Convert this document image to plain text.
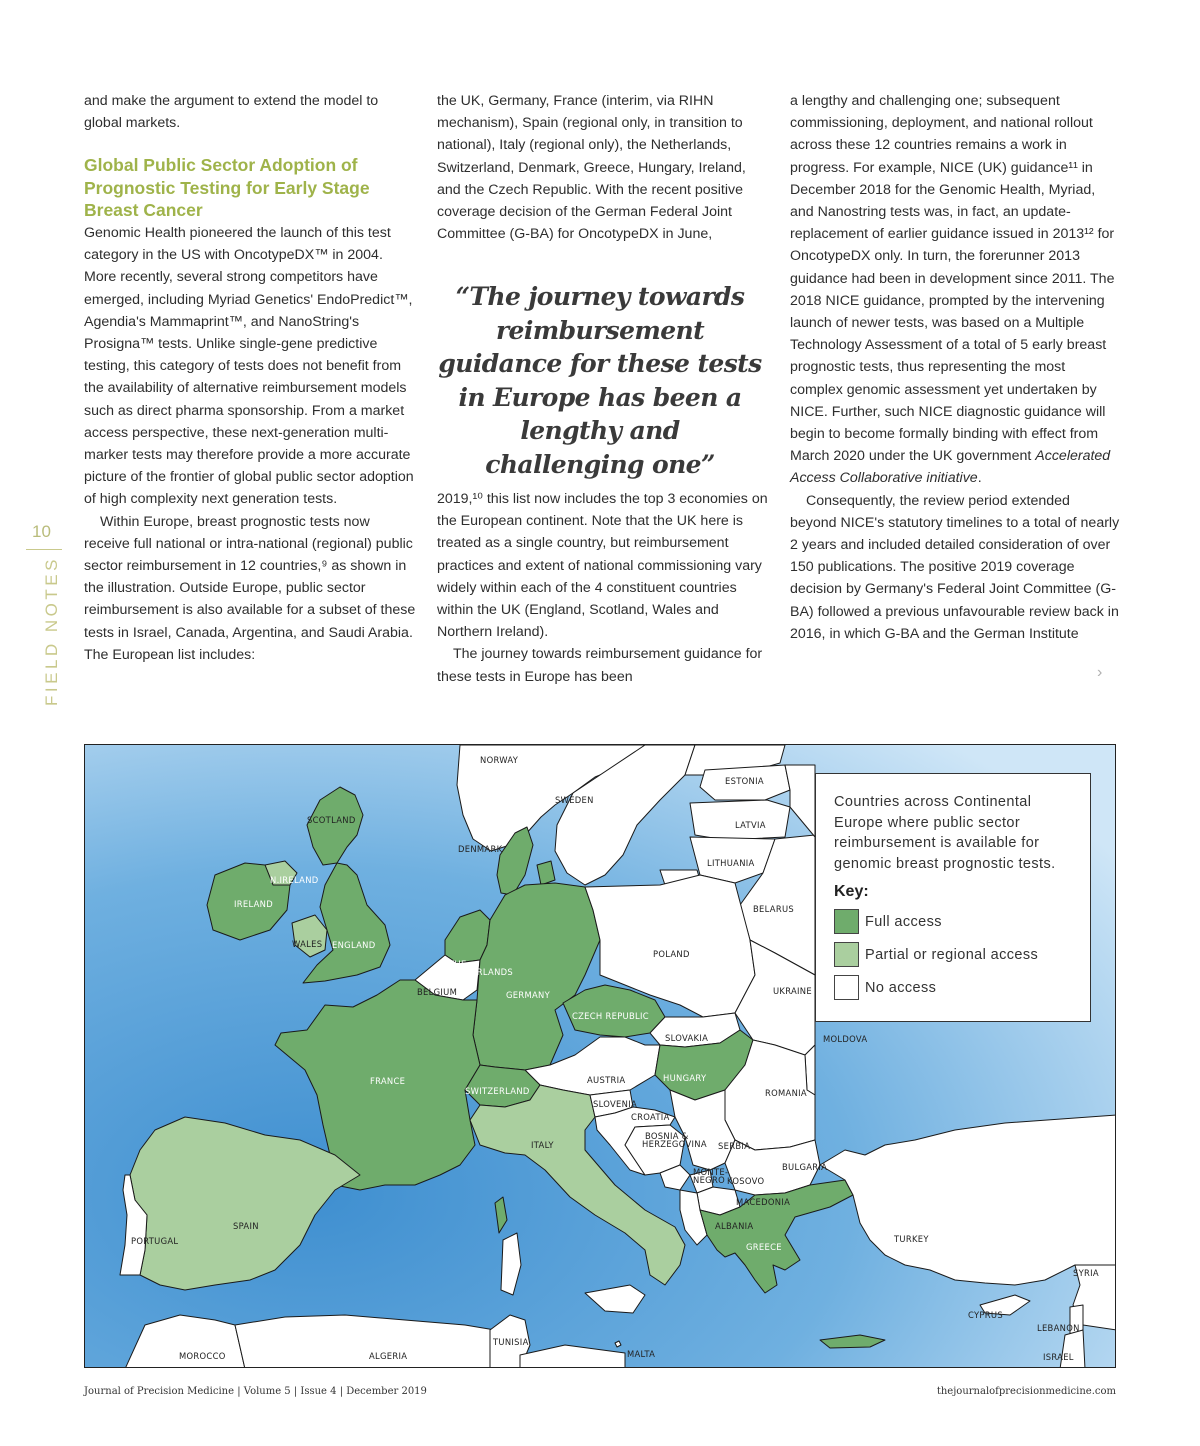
and make the argument to extend the model to global markets.

Global Public Sector Adoption of Prognostic Testing for Early Stage Breast Cancer

Genomic Health pioneered the launch of this test category in the US with OncotypeDX™ in 2004. More recently, several strong competitors have emerged, including Myriad Genetics' EndoPredict™, Agendia's Mammaprint™, and NanoString's Prosigna™ tests. Unlike single-gene predictive testing, this category of tests does not benefit from the availability of alternative reimbursement models such as direct pharma sponsorship. From a market access perspective, these next-generation multi-marker tests may therefore provide a more accurate picture of the frontier of global public sector adoption of high complexity next generation tests.

Within Europe, breast prognostic tests now receive full national or intra-national (regional) public sector reimbursement in 12 countries,⁹ as shown in the illustration. Outside Europe, public sector reimbursement is also available for a subset of these tests in Israel, Canada, Argentina, and Saudi Arabia. The European list includes:

the UK, Germany, France (interim, via RIHN mechanism), Spain (regional only, in transition to national), Italy (regional only), the Netherlands, Switzerland, Denmark, Greece, Hungary, Ireland, and the Czech Republic. With the recent positive coverage decision of the German Federal Joint Committee (G-BA) for OncotypeDX in June,

“The journey towards reimbursement guidance for these tests in Europe has been a lengthy and challenging one”

2019,¹⁰ this list now includes the top 3 economies on the European continent. Note that the UK here is treated as a single country, but reimbursement practices and extent of national commissioning vary widely within each of the 4 constituent countries within the UK (England, Scotland, Wales and Northern Ireland).

The journey towards reimbursement guidance for these tests in Europe has been

a lengthy and challenging one; subsequent commissioning, deployment, and national rollout across these 12 countries remains a work in progress. For example, NICE (UK) guidance¹¹ in December 2018 for the Genomic Health, Myriad, and Nanostring tests was, in fact, an update-replacement of earlier guidance issued in 2013¹² for OncotypeDX only. In turn, the forerunner 2013 guidance had been in development since 2011. The 2018 NICE guidance, prompted by the intervening launch of newer tests, was based on a Multiple Technology Assessment of a total of 5 early breast prognostic tests, thus representing the most complex genomic assessment yet undertaken by NICE. Further, such NICE diagnostic guidance will begin to become formally binding with effect from March 2020 under the UK government Accelerated Access Collaborative initiative.

Consequently, the review period extended beyond NICE's statutory timelines to a total of nearly 2 years and included detailed consideration of over 150 publications. The positive 2019 coverage decision by Germany's Federal Joint Committee (G-BA) followed a previous unfavourable review back in 2016, in which G-BA and the German Institute

›
10
FIELD NOTES
NORWAY
SWEDEN
ESTONIA
LATVIA
LITHUANIA
BELARUS
DENMARK
SCOTLAND
N.IRELAND
IRELAND
WALES ENGLAND
THE
NETHERLANDS
BELGIUM	GERMANY
POLAND
UKRAINE
CZECH REPUBLIC
SLOVAKIA	MOLDOVA
FRANCE
SWITZERLAND
AUSTRIA	HUNGARY
ROMANIA
SLOVENIA
CROATIA
BOSNIA &
HERZEGOVINA SERBIA
ITALY
MONTE-
NEGRO KOSOVO
BULGARIA
MACEDONIA
ALBANIA
GREECE
TURKEY
SPAIN
PORTUGAL
SYRIA
CYPRUS
LEBANON
ISRAEL
MOROCCO	ALGERIA
TUNISIA
MALTA
Countries across Continental Europe where public sector reimbursement is available for genomic breast prognostic tests.
Key:
Full access
Partial or regional access
No access
Journal of Precision Medicine | Volume 5 | Issue 4 | December 2019	thejournalofprecisionmedicine.com
